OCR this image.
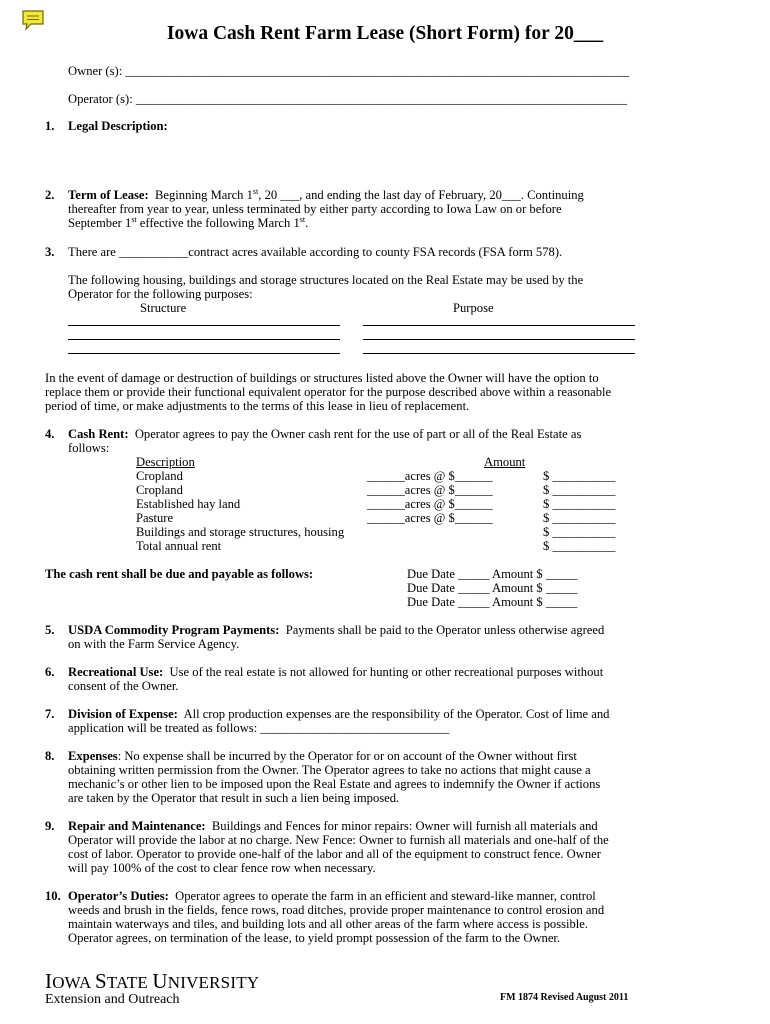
Iowa Cash Rent Farm Lease (Short Form) for 20___
Owner (s): ________________________________________________________________________________
Operator (s): ______________________________________________________________________________
1. Legal Description:
2. Term of Lease: Beginning March 1st, 20 ___, and ending the last day of February, 20___. Continuing
thereafter from year to year, unless terminated by either party according to Iowa Law on or before
September 1st effective the following March 1st.
3. There are ___________contract acres available according to county FSA records (FSA form 578).
The following housing, buildings and storage structures located on the Real Estate may be used by the
Operator for the following purposes:
Structure	Purpose
In the event of damage or destruction of buildings or structures listed above the Owner will have the option to
replace them or provide their functional equivalent operator for the purpose described above within a reasonable
period of time, or make adjustments to the terms of this lease in lieu of replacement.
4. Cash Rent: Operator agrees to pay the Owner cash rent for the use of part or all of the Real Estate as
follows:
Description	Amount
Cropland	______acres @ $______	$ __________
Cropland	______acres @ $______	$ __________
Established hay land	______acres @ $______	$ __________
Pasture	______acres @ $______	$ __________
Buildings and storage structures, housing	$ __________
Total annual rent	$ __________
The cash rent shall be due and payable as follows:	Due Date _____ Amount $ _____
Due Date _____ Amount $ _____
Due Date _____ Amount $ _____
5. USDA Commodity Program Payments: Payments shall be paid to the Operator unless otherwise agreed
on with the Farm Service Agency.
6. Recreational Use: Use of the real estate is not allowed for hunting or other recreational purposes without
consent of the Owner.
7. Division of Expense: All crop production expenses are the responsibility of the Operator. Cost of lime and
application will be treated as follows: ______________________________
8. Expenses: No expense shall be incurred by the Operator for or on account of the Owner without first
obtaining written permission from the Owner. The Operator agrees to take no actions that might cause a
mechanic’s or other lien to be imposed upon the Real Estate and agrees to indemnify the Owner if actions
are taken by the Operator that result in such a lien being imposed.
9. Repair and Maintenance: Buildings and Fences for minor repairs: Owner will furnish all materials and
Operator will provide the labor at no charge. New Fence: Owner to furnish all materials and one-half of the
cost of labor. Operator to provide one-half of the labor and all of the equipment to construct fence. Owner
will pay 100% of the cost to clear fence row when necessary.
10. Operator’s Duties: Operator agrees to operate the farm in an efficient and steward-like manner, control
weeds and brush in the fields, fence rows, road ditches, provide proper maintenance to control erosion and
maintain waterways and tiles, and building lots and all other areas of the farm where access is possible.
Operator agrees, on termination of the lease, to yield prompt possession of the farm to the Owner.
IOWA STATE UNIVERSITY
Extension and Outreach	FM 1874 Revised August 2011
